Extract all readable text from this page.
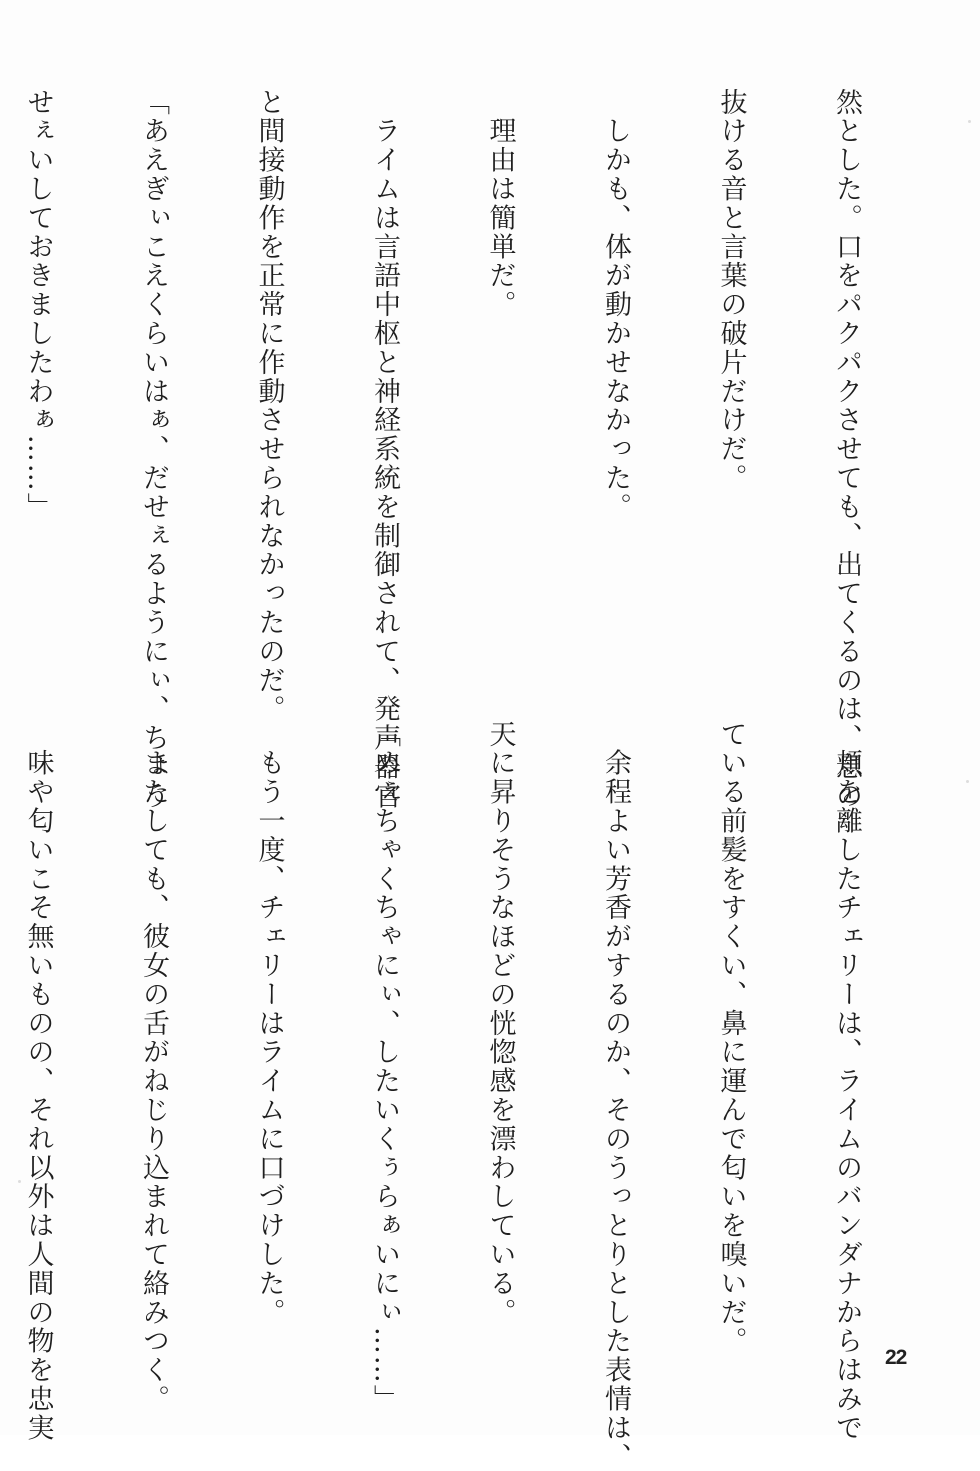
然とした。口をパクパクさせても、出てくるのは、息の

抜ける音と言葉の破片だけだ。

　しかも、体が動かせなかった。

　理由は簡単だ。

　ライムは言語中枢と神経系統を制御されて、発声器官

と間接動作を正常に作動させられなかったのだ。

「あえぎぃこえくらいはぁ、だせぇるようにぃ、ちょう

せぇいしておきましたわぁ……」

　頬を離したチェリーは、ライムのバンダナからはみで

ている前髪をすくい、鼻に運んで匂いを嗅いだ。

　余程よい芳香がするのか、そのうっとりとした表情は、

天に昇りそうなほどの恍惚感を漂わしている。

「めぇちゃくちゃにぃ、したいくぅらぁいにぃ……」

　もう一度、チェリーはライムに口づけした。

　またしても、彼女の舌がねじり込まれて絡みつく。

　味や匂いこそ無いものの、それ以外は人間の物を忠実

	22
